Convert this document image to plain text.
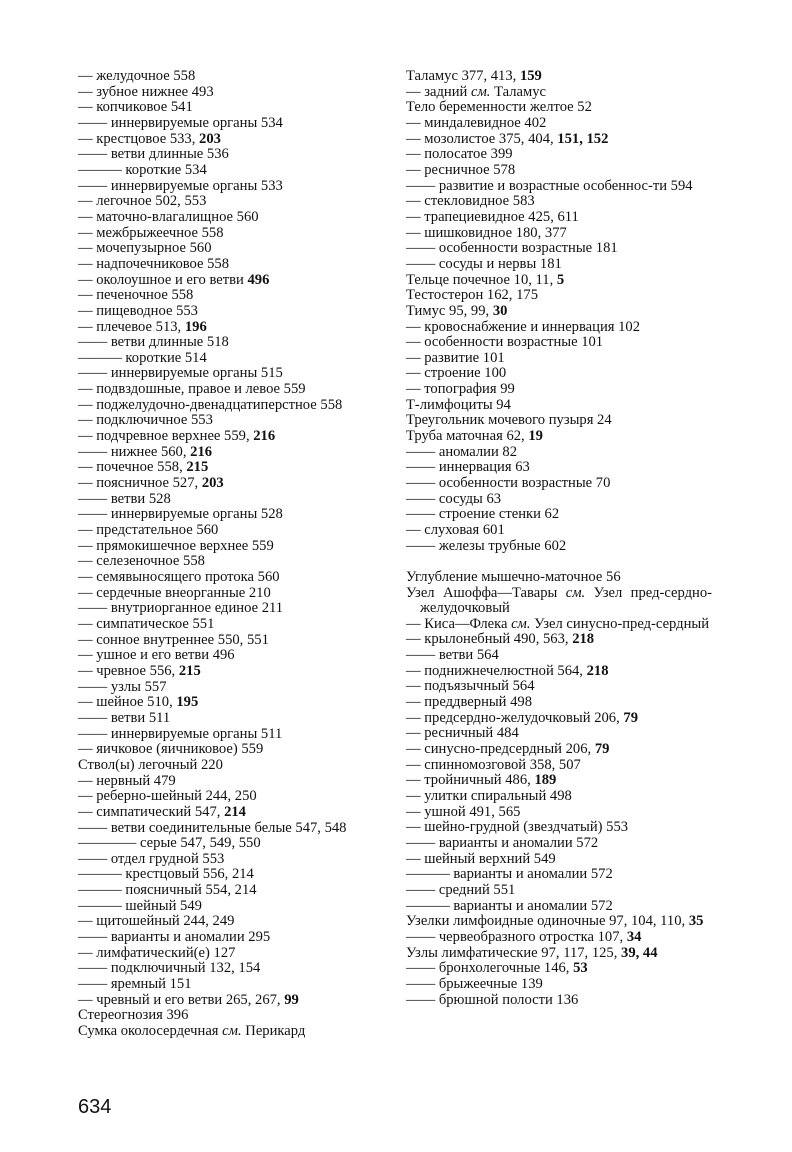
— желудочное 558
— зубное нижнее 493
— копчиковое 541
—— иннервируемые органы 534
— крестцовое 533, 203
—— ветви длинные 536
——— короткие 534
—— иннервируемые органы 533
— легочное 502, 553
— маточно-влагалищное 560
— межбрыжеечное 558
— мочепузырное 560
— надпочечниковое 558
— околоушное и его ветви 496
— печеночное 558
— пищеводное 553
— плечевое 513, 196
—— ветви длинные 518
——— короткие 514
—— иннервируемые органы 515
— подвздошные, правое и левое 559
— поджелудочно-двенадцатиперстное 558
— подключичное 553
— подчревное верхнее 559, 216
—— нижнее 560, 216
— почечное 558, 215
— поясничное 527, 203
—— ветви 528
—— иннервируемые органы 528
— предстательное 560
— прямокишечное верхнее 559
— селезеночное 558
— семявыносящего протока 560
— сердечные внеорганные 210
—— внутриорганное единое 211
— симпатическое 551
— сонное внутреннее 550, 551
— ушное и его ветви 496
— чревное 556, 215
—— узлы 557
— шейное 510, 195
—— ветви 511
—— иннервируемые органы 511
— яичковое (яичниковое) 559
Ствол(ы) легочный 220
— нервный 479
— реберно-шейный 244, 250
— симпатический 547, 214
—— ветви соединительные белые 547, 548
———— серые 547, 549, 550
—— отдел грудной 553
——— крестцовый 556, 214
——— поясничный 554, 214
——— шейный 549
— щитошейный 244, 249
—— варианты и аномалии 295
— лимфатический(е) 127
—— подключичный 132, 154
—— яремный 151
— чревный и его ветви 265, 267, 99
Стереогнозия 396
Сумка околосердечная см. Перикард
Таламус 377, 413, 159
— задний см. Таламус
Тело беременности желтое 52
— миндалевидное 402
— мозолистое 375, 404, 151, 152
— полосатое 399
— ресничное 578
—— развитие и возрастные особеннос-ти 594
— стекловидное 583
— трапециевидное 425, 611
— шишковидное 180, 377
—— особенности возрастные 181
—— сосуды и нервы 181
Тельце почечное 10, 11, 5
Тестостерон 162, 175
Тимус 95, 99, 30
— кровоснабжение и иннервация 102
— особенности возрастные 101
— развитие 101
— строение 100
— топография 99
Т-лимфоциты 94
Треугольник мочевого пузыря 24
Труба маточная 62, 19
—— аномалии 82
—— иннервация 63
—— особенности возрастные 70
—— сосуды 63
—— строение стенки 62
— слуховая 601
—— железы трубные 602
Углубление мышечно-маточное 56
Узел Ашоффа—Тавары см. Узел пред-сердно-желудочковый
— Киса—Флека см. Узел синусно-пред-сердный
— крылонебный 490, 563, 218
—— ветви 564
— поднижнечелюстной 564, 218
— подъязычный 564
— преддверный 498
— предсердно-желудочковый 206, 79
— ресничный 484
— синусно-предсердный 206, 79
— спинномозговой 358, 507
— тройничный 486, 189
— улитки спиральный 498
— ушной 491, 565
— шейно-грудной (звездчатый) 553
—— варианты и аномалии 572
— шейный верхний 549
——— варианты и аномалии 572
—— средний 551
——— варианты и аномалии 572
Узелки лимфоидные одиночные 97, 104, 110, 35
—— червеобразного отростка 107, 34
Узлы лимфатические 97, 117, 125, 39, 44
—— бронхолегочные 146, 53
—— брыжеечные 139
—— брюшной полости 136
634
